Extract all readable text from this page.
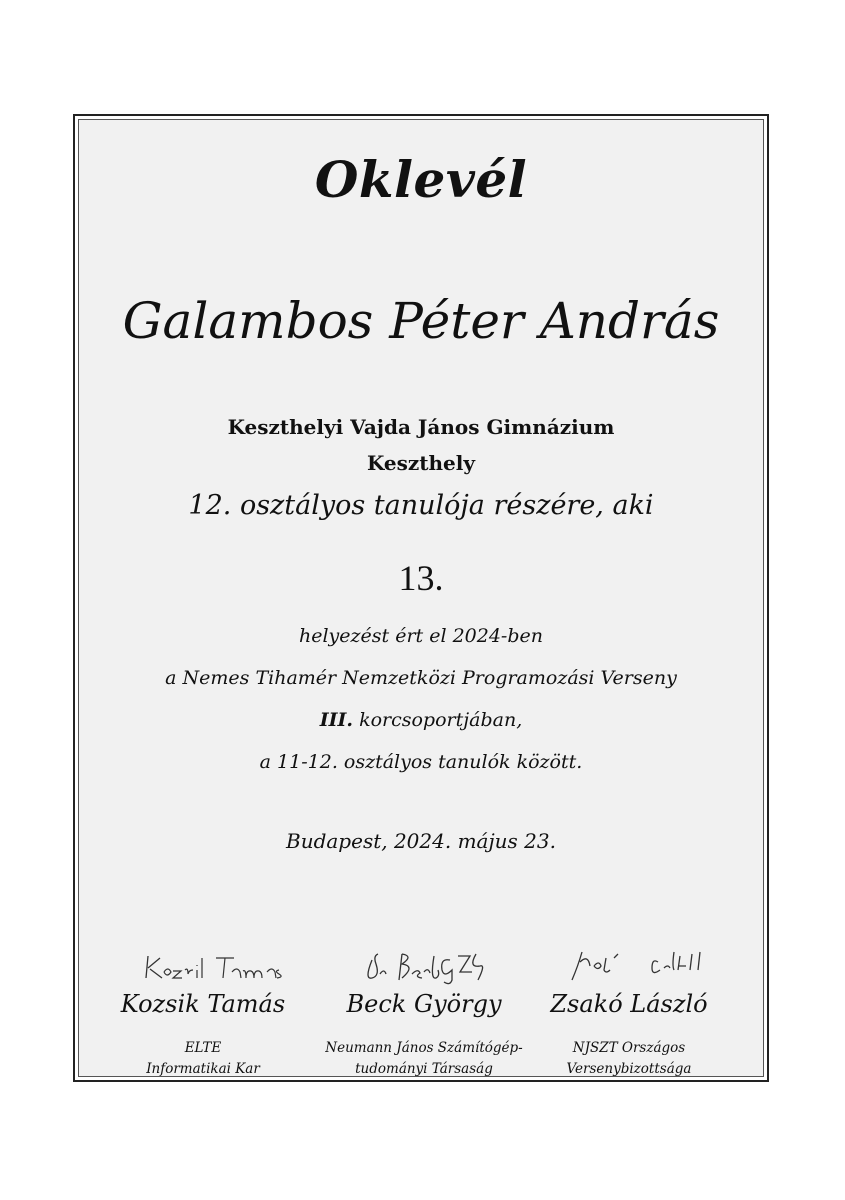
Oklevél
Galambos Péter András
Keszthelyi Vajda János Gimnázium
Keszthely
12. osztályos tanulója részére, aki
13.
helyezést ért el 2024-ben
a Nemes Tihamér Nemzetközi Programozási Verseny
III. korcsoportjában,
a 11-12. osztályos tanulók között.
Budapest, 2024. május 23.
Kozsik Tamás	Beck György	Zsakó László
ELTE
Informatikai Kar
Neumann János Számítógép-
tudományi Társaság
NJSZT Országos
Versenybizottsága
